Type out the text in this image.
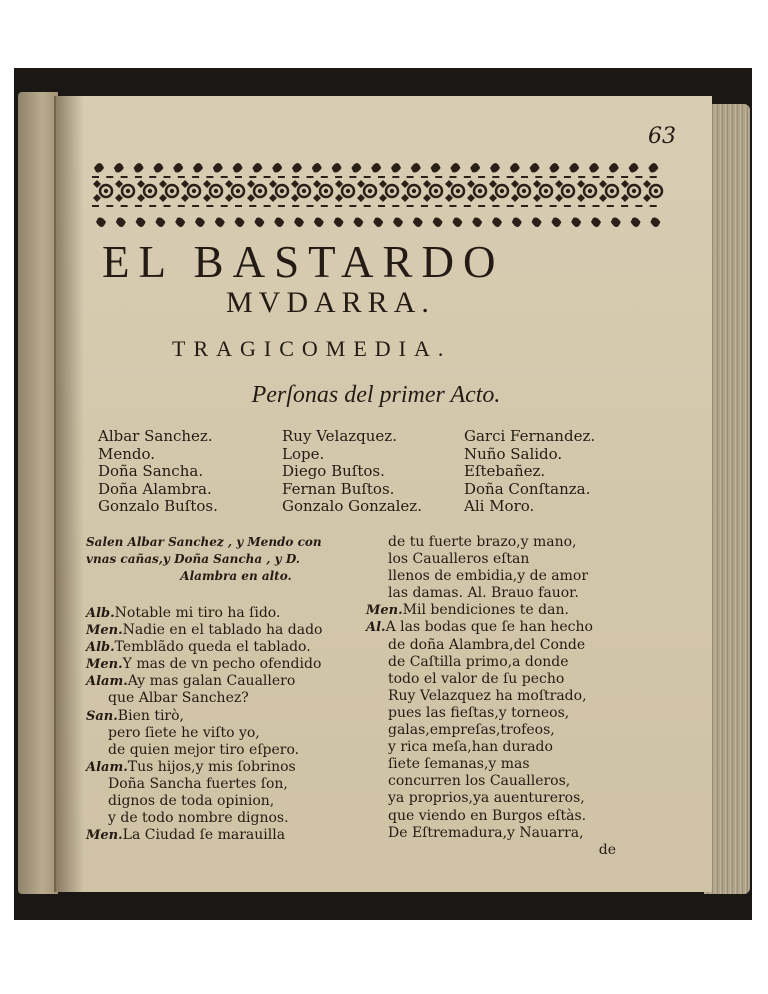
63
EL BASTARDO
MVDARRA.
TRAGICOMEDIA.
Perſonas del primer Acto.
Albar Sanchez.
Mendo.
Doña Sancha.
Doña Alambra.
Gonzalo Buſtos.
Ruy Velazquez.
Lope.
Diego Buſtos.
Fernan Buſtos.
Gonzalo Gonzalez.
Garci Fernandez.
Nuño Salido.
Eſtebañez.
Doña Conſtanza.
Ali Moro.
Salen Albar Sanchez , y Mendo con
vnas cañas,y Doña Sancha , y D.
Alambra en alto.
Alb.Notable mi tiro ha ſido.
Men.Nadie en el tablado ha dado
Alb.Temblãdo queda el tablado.
Men.Y mas de vn pecho ofendido
Alam.Ay mas galan Cauallero
que Albar Sanchez?
San.Bien tirò,
pero ſiete he viſto yo,
de quien mejor tiro eſpero.
Alam.Tus hijos,y mis ſobrinos
Doña Sancha fuertes ſon,
dignos de toda opinion,
y de todo nombre dignos.
Men.La Ciudad ſe marauilla
de tu fuerte brazo,y mano,
los Caualleros eſtan
llenos de embidia,y de amor
las damas. Al. Brauo fauor.
Men.Mil bendiciones te dan.
Al.A las bodas que ſe han hecho
de doña Alambra,del Conde
de Caſtilla primo,a donde
todo el valor de ſu pecho
Ruy Velazquez ha moſtrado,
pues las fieſtas,y torneos,
galas,empreſas,trofeos,
y rica meſa,han durado
ſiete ſemanas,y mas
concurren los Caualleros,
ya proprios,ya auentureros,
que viendo en Burgos eſtàs.
De Eſtremadura,y Nauarra,
de
